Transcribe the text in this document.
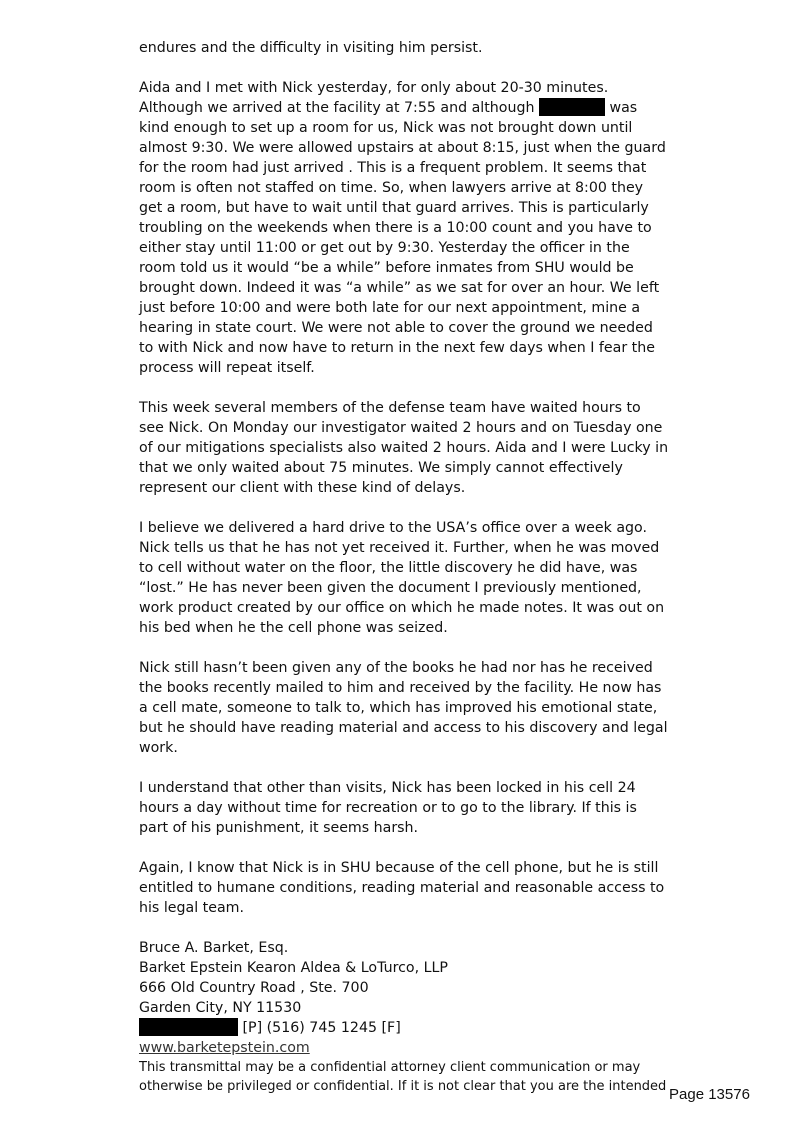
endures and the difficulty in visiting him persist.

Aida and I met with Nick yesterday, for only about 20-30 minutes. Although we arrived at the facility at 7:55 and although	was kind enough to set up a room for us, Nick was not brought down until almost 9:30. We were allowed upstairs at about 8:15, just when the guard for the room had just arrived . This is a frequent problem. It seems that room is often not staffed on time. So, when lawyers arrive at 8:00 they get a room, but have to wait until that guard arrives. This is particularly troubling on the weekends when there is a 10:00 count and you have to either stay until 11:00 or get out by 9:30. Yesterday the officer in the room told us it would “be a while” before inmates from SHU would be brought down. Indeed it was “a while” as we sat for over an hour. We left just before 10:00 and were both late for our next appointment, mine a hearing in state court. We were not able to cover the ground we needed to with Nick and now have to return in the next few days when I fear the process will repeat itself.

This week several members of the defense team have waited hours to see Nick. On Monday our investigator waited 2 hours and on Tuesday one of our mitigations specialists also waited 2 hours. Aida and I were Lucky in that we only waited about 75 minutes. We simply cannot effectively represent our client with these kind of delays.

I believe we delivered a hard drive to the USA’s office over a week ago. Nick tells us that he has not yet received it. Further, when he was moved to cell without water on the floor, the little discovery he did have, was “lost.” He has never been given the document I previously mentioned, work product created by our office on which he made notes. It was out on his bed when he the cell phone was seized.

Nick still hasn’t been given any of the books he had nor has he received the books recently mailed to him and received by the facility. He now has a cell mate, someone to talk to, which has improved his emotional state, but he should have reading material and access to his discovery and legal work.

I understand that other than visits, Nick has been locked in his cell 24 hours a day without time for recreation or to go to the library. If this is part of his punishment, it seems harsh.

Again, I know that Nick is in SHU because of the cell phone, but he is still entitled to humane conditions, reading material and reasonable access to his legal team.

Bruce A. Barket, Esq.
Barket Epstein Kearon Aldea & LoTurco, LLP
666 Old Country Road , Ste. 700
Garden City, NY 11530
[P] (516) 745 1245 [F]
www.barketepstein.com
This transmittal may be a confidential attorney client communication or may
otherwise be privileged or confidential. If it is not clear that you are the intended Page 13576
